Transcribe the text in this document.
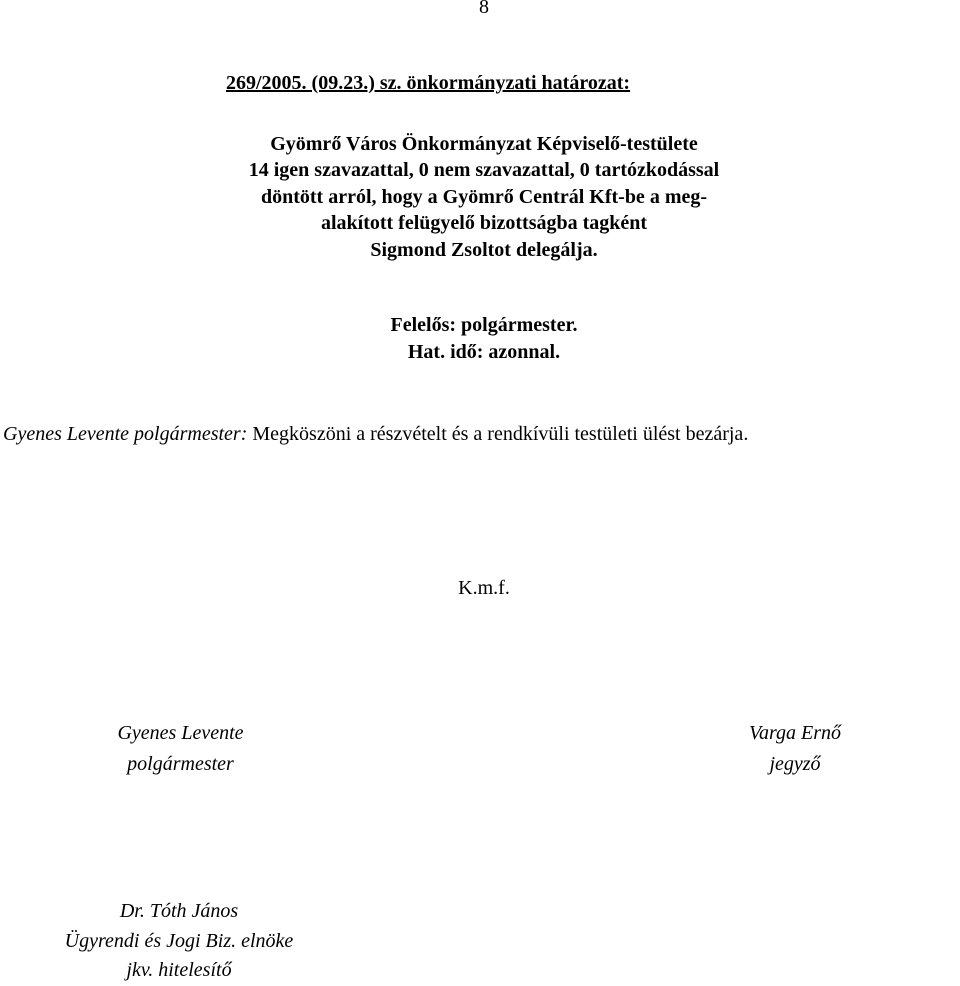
8
269/2005. (09.23.) sz. önkormányzati határozat:
Gyömrő Város Önkormányzat Képviselő-testülete
14 igen szavazattal, 0 nem szavazattal, 0 tartózkodással
döntött arról, hogy a Gyömrő Centrál Kft-be a meg-
alakított felügyelő bizottságba tagként
Sigmond Zsoltot delegálja.
Felelős: polgármester.
Hat. idő: azonnal.
Gyenes Levente polgármester: Megköszöni a részvételt és a rendkívüli testületi ülést bezárja.
K.m.f.
Gyenes Levente
polgármester
Varga Ernő
jegyző
Dr. Tóth János
Ügyrendi és Jogi Biz. elnöke
jkv. hitelesítő
